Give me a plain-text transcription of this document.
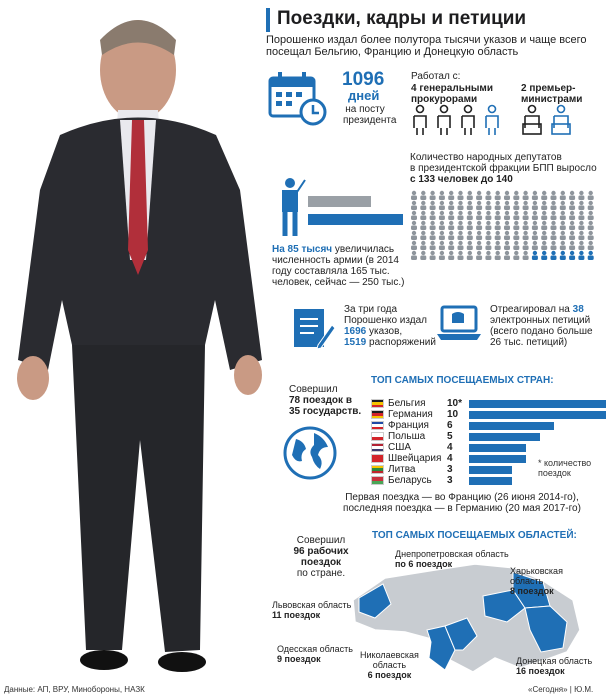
Поездки, кадры и петиции
Порошенко издал более полутора тысячи указов и чаще всего
посещал Бельгию, Францию и Донецкую область
1096
дней
на посту
президента
Работал с:
4 генеральными
прокурорами
2 премьер-
министрами
Количество народных депутатов
в президентской фракции БПП выросло
с 133 человек до 140
На 85 тысяч увеличилась
численность армии (в 2014
году составляла 165 тыс.
человек, сейчас — 250 тыс.)
За три года
Порошенко издал
1696 указов,
1519 распоряжений
Отреагировал на 38
электронных петиций
(всего подано больше
26 тыс. петиций)
Совершил
78 поездок в
35 государств.
ТОП САМЫХ ПОСЕЩАЕМЫХ СТРАН:
Бельгия 10*
Германия 10
Франция 6
Польша 5
США	4
Швейцария 4
Литва	3
Беларусь 3
* количество
поездок
Первая поездка — во Францию (26 июня 2014-го),
последняя поездка — в Германию (20 мая 2017-го)
ТОП САМЫХ ПОСЕЩАЕМЫХ ОБЛАСТЕЙ:
Совершил
96 рабочих
поездок
по стране.
Днепропетровская область
по 6 поездок
Харьковская
область
8 поездок
Львовская область
11 поездок
Одесская область
9 поездок	Николаевская
область
6 поездок
Донецкая область
16 поездок
Данные: АП, ВРУ, Минобороны, НАЗК	«Сегодня» | Ю.М.
